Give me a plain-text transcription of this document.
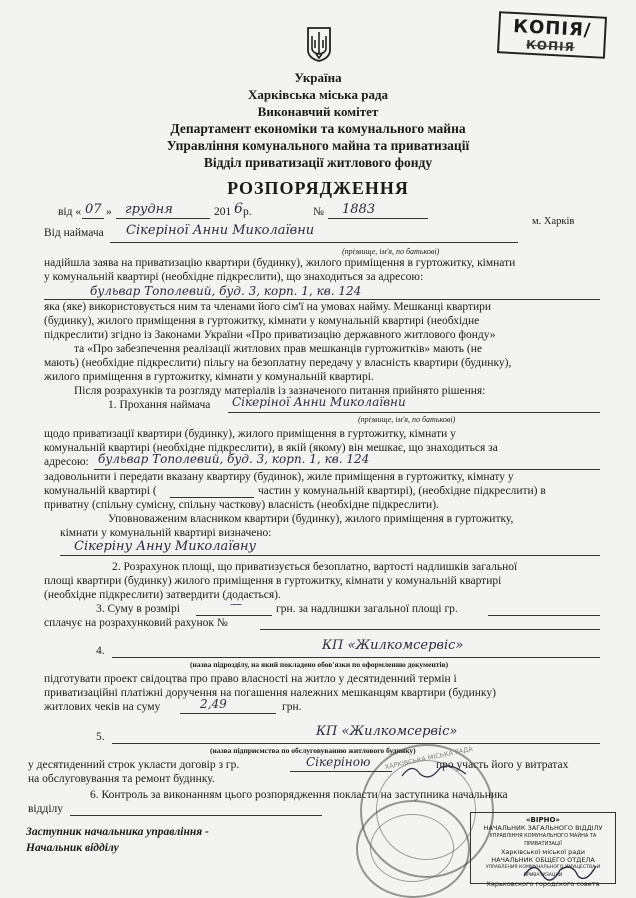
КОПІЯ/
КОПІЯ
Україна
Харківська міська рада
Виконавчий комітет
Департамент економіки та комунального майна
Управління комунального майна та приватизації
Відділ приватизації житлового фонду
РОЗПОРЯДЖЕННЯ
від « 07 » грудня	201 6 р.	№ 1883
м. Харків
Від наймача Сікеріної Анни Миколаївни
(прізвище, ім'я, по батькові)
надійшла заява на приватизацію квартири (будинку), жилого приміщення в гуртожитку, кімнати
у комунальній квартирі (необхідне підкреслити), що знаходиться за адресою:
бульвар Тополевий, буд. 3, корп. 1, кв. 124
яка (яке) використовується ним та членами його сім'ї на умовах найму. Мешканці квартири
(будинку), жилого приміщення в гуртожитку, кімнати у комунальній квартирі (необхідне
підкреслити) згідно із Законами України «Про приватизацію державного житлового фонду»
та «Про забезпечення реалізації житлових прав мешканців гуртожитків» мають (не
мають) (необхідне підкреслити) пільгу на безоплатну передачу у власність квартири (будинку),
жилого приміщення в гуртожитку, кімнати у комунальній квартирі.
Після розрахунків та розгляду матеріалів із зазначеного питання прийнято рішення:
1. Прохання наймача Сікеріної Анни Миколаївни
(прізвище, ім'я, по батькові)
щодо приватизації квартири (будинку), жилого приміщення в гуртожитку, кімнати у
комунальній квартирі (необхідне підкреслити), в якій (якому) він мешкає, що знаходиться за
адресою: бульвар Тополевий, буд. 3, корп. 1, кв. 124
задовольнити і передати вказану квартиру (будинок), жиле приміщення в гуртожитку, кімнату у
комунальній квартирі (	частин у комунальній квартирі), (необхідне підкреслити) в
приватну (спільну сумісну, спільну часткову) власність (необхідне підкреслити).
Уповноваженим власником квартири (будинку), жилого приміщення в гуртожитку,
кімнати у комунальній квартирі визначено:
Сікеріну Анну Миколаївну
2. Розрахунок площі, що приватизується безоплатно, вартості надлишків загальної
площі квартири (будинку) жилого приміщення в гуртожитку, кімнати у комунальній квартирі
(необхідне підкреслити) затвердити (додається).
3. Суму в розмірі	—	грн. за надлишки загальної площі гр.
сплачує на розрахунковий рахунок №
4.	КП «Жилкомсервіс»
(назва підрозділу, на який покладено обов'язки по оформленню документів)
підготувати проект свідоцтва про право власності на житло у десятиденний термін і
приватизаційні платіжні доручення на погашення належних мешканцям квартири (будинку)
житлових чеків на суму	2,49	грн.
5.	КП «Жилкомсервіс»
(назва підприємства по обслуговуванню житлового будинку)
у десятиденний строк укласти договір з гр.	Сікеріною	про участь його у витратах
на обслуговування та ремонт будинку.
6. Контроль за виконанням цього розпорядження покласти на заступника начальника
відділу
Заступник начальника управління -
Начальник відділу
ХАРКІВСЬКА МІСЬКА РАДА
«ВІРНО»
НАЧАЛЬНИК ЗАГАЛЬНОГО ВІДДІЛУ
УПРАВЛІННЯ КОМУНАЛЬНОГО МАЙНА ТА ПРИВАТИЗАЦІЇ
Харківської міської ради
НАЧАЛЬНИК ОБЩЕГО ОТДЕЛА
УПРАВЛЕНИЯ КОММУНАЛЬНОГО ИМУЩЕСТВА И ПРИВАТИЗАЦИИ
Харьковского городского совета
